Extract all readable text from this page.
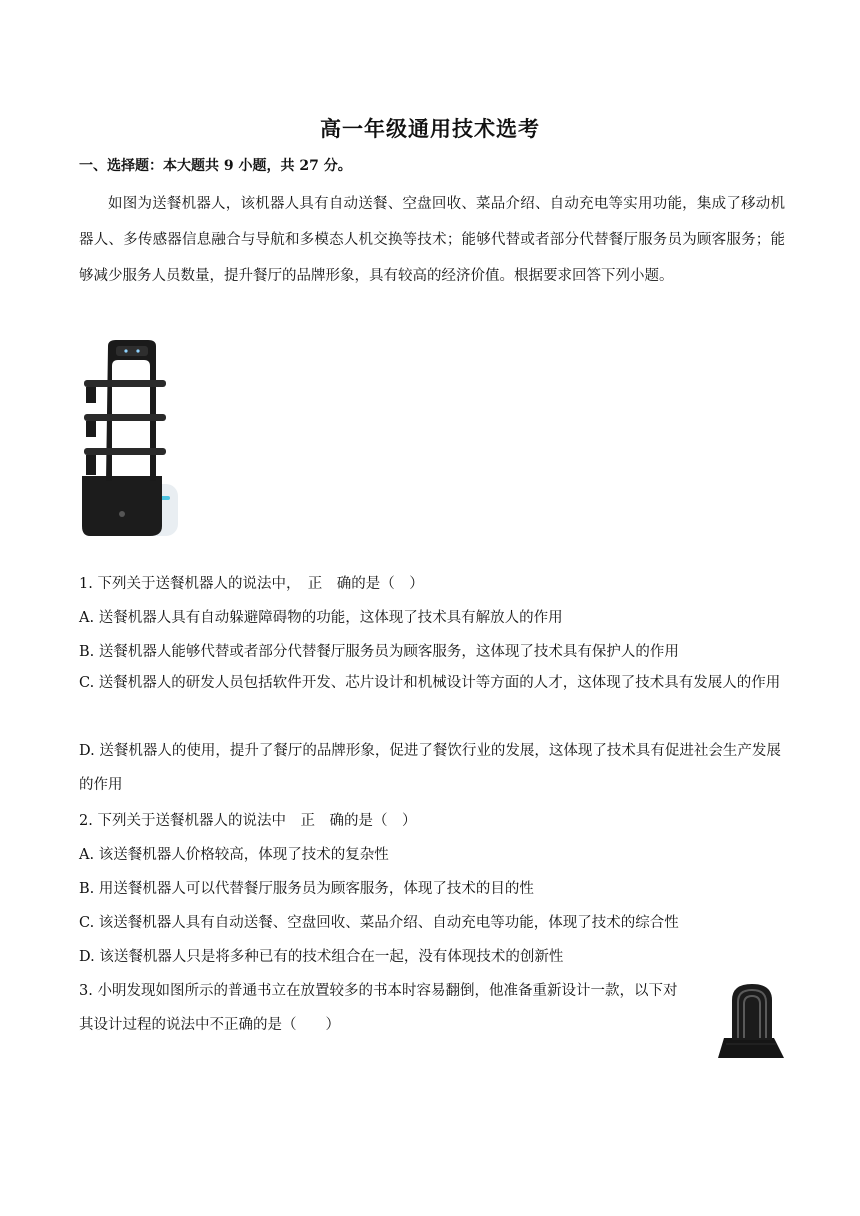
高一年级通用技术选考
一、选择题：本大题共 9 小题，共 27 分。

如图为送餐机器人，该机器人具有自动送餐、空盘回收、菜品介绍、自动充电等实用功能，集成了移动机器人、多传感器信息融合与导航和多模态人机交换等技术；能够代替或者部分代替餐厅服务员为顾客服务；能够减少服务人员数量，提升餐厅的品牌形象，具有较高的经济价值。根据要求回答下列小题。

1. 下列关于送餐机器人的说法中，　正　确的是（　）
A. 送餐机器人具有自动躲避障碍物的功能，这体现了技术具有解放人的作用
B. 送餐机器人能够代替或者部分代替餐厅服务员为顾客服务，这体现了技术具有保护人的作用
C. 送餐机器人的研发人员包括软件开发、芯片设计和机械设计等方面的人才，这体现了技术具有发展人的作用
D. 送餐机器人的使用，提升了餐厅的品牌形象，促进了餐饮行业的发展，这体现了技术具有促进社会生产发展的作用
2. 下列关于送餐机器人的说法中　正　确的是（　）
A. 该送餐机器人价格较高，体现了技术的复杂性
B. 用送餐机器人可以代替餐厅服务员为顾客服务，体现了技术的目的性
C. 该送餐机器人具有自动送餐、空盘回收、菜品介绍、自动充电等功能，体现了技术的综合性
D. 该送餐机器人只是将多种已有的技术组合在一起，没有体现技术的创新性
3. 小明发现如图所示的普通书立在放置较多的书本时容易翻倒，他准备重新设计一款，以下对
其设计过程的说法中不正确的是（　　）
